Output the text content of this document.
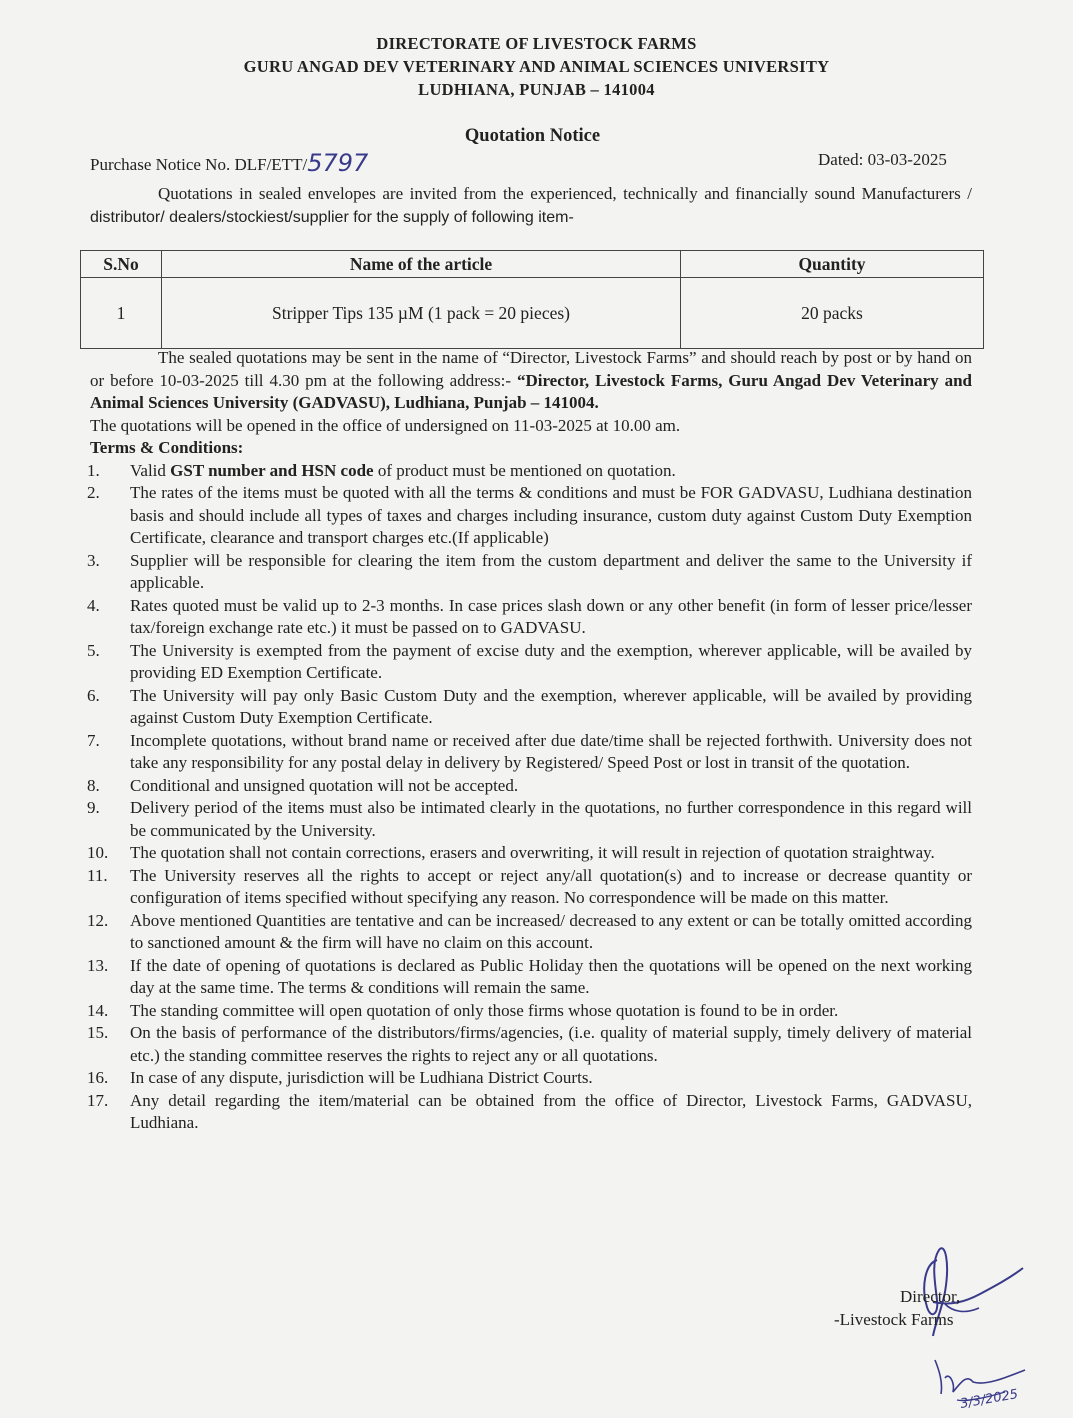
DIRECTORATE OF LIVESTOCK FARMS
GURU ANGAD DEV VETERINARY AND ANIMAL SCIENCES UNIVERSITY
LUDHIANA, PUNJAB – 141004
Quotation Notice
Purchase Notice No. DLF/ETT/5797	Dated: 03-03-2025
Quotations in sealed envelopes are invited from the experienced, technically and financially sound Manufacturers / distributor/ dealers/stockiest/supplier for the supply of following item-
S.No	Name of the article	Quantity
1	Stripper Tips 135 µM (1 pack = 20 pieces)	20 packs

The sealed quotations may be sent in the name of “Director, Livestock Farms” and should reach by post or by hand on or before 10-03-2025 till 4.30 pm at the following address:- “Director, Livestock Farms, Guru Angad Dev Veterinary and Animal Sciences University (GADVASU), Ludhiana, Punjab – 141004.

The quotations will be opened in the office of undersigned on 11-03-2025 at 10.00 am.

Terms & Conditions:

1.	Valid GST number and HSN code of product must be mentioned on quotation.
2.	The rates of the items must be quoted with all the terms & conditions and must be FOR GADVASU, Ludhiana destination basis and should include all types of taxes and charges including insurance, custom duty against Custom Duty Exemption Certificate, clearance and transport charges etc.(If applicable)
3.	Supplier will be responsible for clearing the item from the custom department and deliver the same to the University if applicable.
4.	Rates quoted must be valid up to 2-3 months. In case prices slash down or any other benefit (in form of lesser price/lesser tax/foreign exchange rate etc.) it must be passed on to GADVASU.
5.	The University is exempted from the payment of excise duty and the exemption, wherever applicable, will be availed by providing ED Exemption Certificate.
6.	The University will pay only Basic Custom Duty and the exemption, wherever applicable, will be availed by providing against Custom Duty Exemption Certificate.
7.	Incomplete quotations, without brand name or received after due date/time shall be rejected forthwith. University does not take any responsibility for any postal delay in delivery by Registered/ Speed Post or lost in transit of the quotation.
8.	Conditional and unsigned quotation will not be accepted.
9.	Delivery period of the items must also be intimated clearly in the quotations, no further correspondence in this regard will be communicated by the University.
10.	The quotation shall not contain corrections, erasers and overwriting, it will result in rejection of quotation straightway.
11.	The University reserves all the rights to accept or reject any/all quotation(s) and to increase or decrease quantity or configuration of items specified without specifying any reason. No correspondence will be made on this matter.
12.	Above mentioned Quantities are tentative and can be increased/ decreased to any extent or can be totally omitted according to sanctioned amount & the firm will have no claim on this account.
13.	If the date of opening of quotations is declared as Public Holiday then the quotations will be opened on the next working day at the same time. The terms & conditions will remain the same.
14.	The standing committee will open quotation of only those firms whose quotation is found to be in order.
15.	On the basis of performance of the distributors/firms/agencies, (i.e. quality of material supply, timely delivery of material etc.) the standing committee reserves the rights to reject any or all quotations.
16.	In case of any dispute, jurisdiction will be Ludhiana District Courts.
17.	Any detail regarding the item/material can be obtained from the office of Director, Livestock Farms, GADVASU, Ludhiana.
3/3/2025
Director,
-Livestock Farms
